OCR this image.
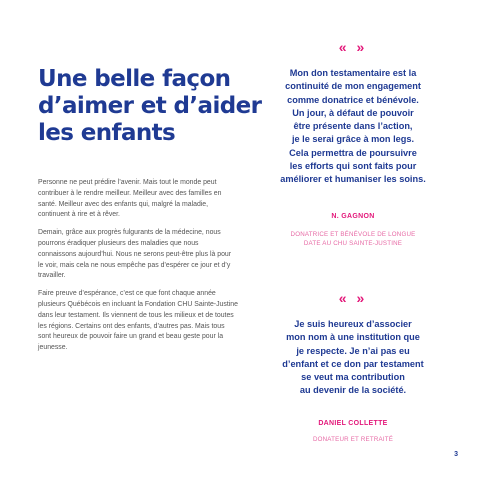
Une belle façon
d’aimer et d’aider
les enfants

Personne ne peut prédire l’avenir. Mais tout le monde peut contribuer à le rendre meilleur. Meilleur avec des familles en santé. Meilleur avec des enfants qui, malgré la maladie, continuent à rire et à rêver.

Demain, grâce aux progrès fulgurants de la médecine, nous pourrons éradiquer plusieurs des maladies que nous connaissons aujourd’hui. Nous ne serons peut-être plus là pour le voir, mais cela ne nous empêche pas d’espérer ce jour et d’y travailler.

Faire preuve d’espérance, c’est ce que font chaque année plusieurs Québécois en incluant la Fondation CHU Sainte-Justine dans leur testament. Ils viennent de tous les milieux et de toutes les régions. Certains ont des enfants, d’autres pas. Mais tous sont heureux de pouvoir faire un grand et beau geste pour la jeunesse.

« »
Mon don testamentaire est la
continuité de mon engagement
comme donatrice et bénévole.
Un jour, à défaut de pouvoir
être présente dans l’action,
je le serai grâce à mon legs.
Cela permettra de poursuivre
les efforts qui sont faits pour
améliorer et humaniser les soins.
N. GAGNON
DONATRICE ET BÉNÉVOLE DE LONGUE
DATE AU CHU SAINTE-JUSTINE
« »
Je suis heureux d’associer
mon nom à une institution que
je respecte. Je n’ai pas eu
d’enfant et ce don par testament
se veut ma contribution
au devenir de la société.
DANIEL COLLETTE
DONATEUR ET RETRAITÉ
3
